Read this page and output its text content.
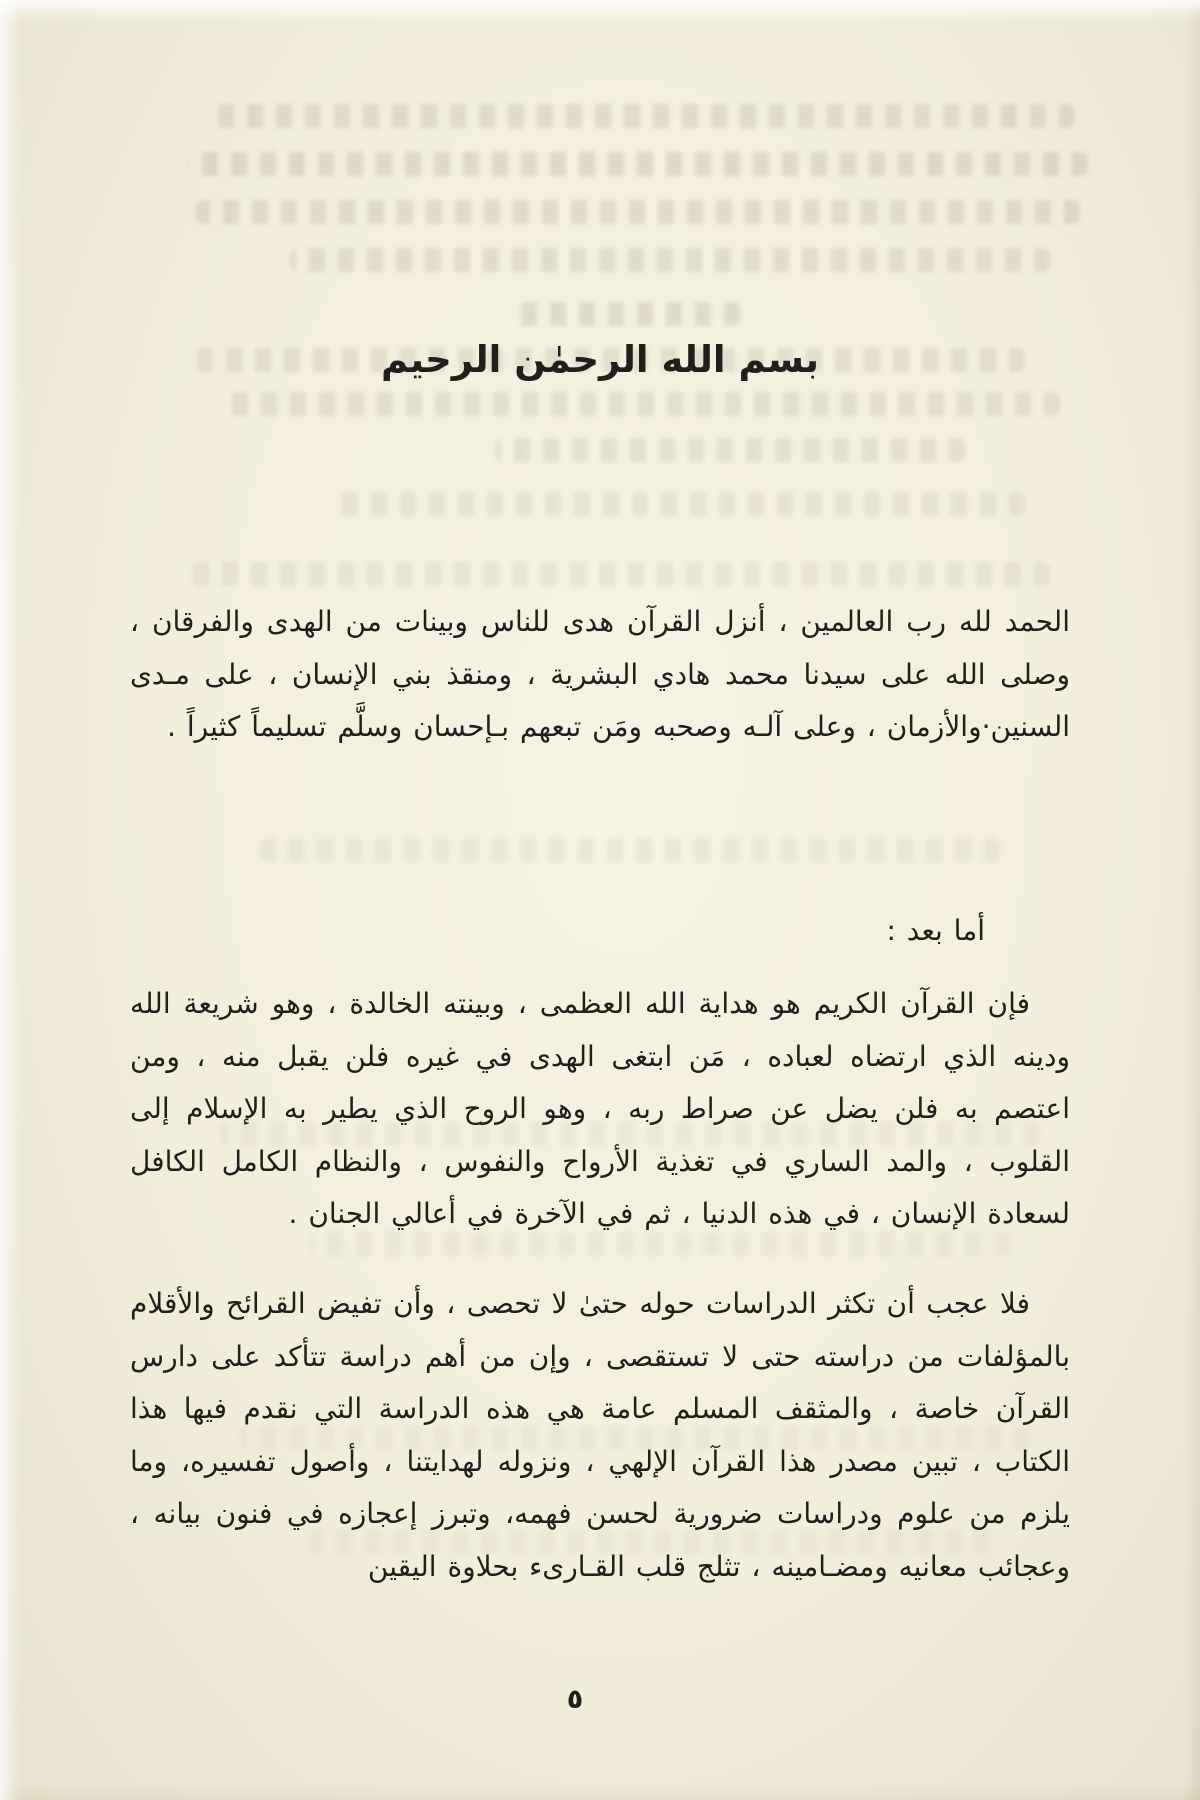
بسم الله الرحمٰن الرحيم

الحمد لله رب العالمين ، أنزل القرآن هدى للناس وبينات من الهدى والفرقان ، وصلى الله على سيدنا محمد هادي البشرية ، ومنقذ بني الإنسان ، على مـدى السنين·والأزمان ، وعلى آلـه وصحبه ومَن تبعهم بـإحسان وسلَّم تسليماً كثيراً .

أما بعد :

فإن القرآن الكريم هو هداية الله العظمى ، وبينته الخالدة ، وهو شريعة الله ودينه الذي ارتضاه لعباده ، مَن ابتغى الهدى في غيره فلن يقبل منه ، ومن اعتصم به فلن يضل عن صراط ربه ، وهو الروح الذي يطير به الإسلام إلى القلوب ، والمد الساري في تغذية الأرواح والنفوس ، والنظام الكامل الكافل لسعادة الإنسان ، في هذه الدنيا ، ثم في الآخرة في أعالي الجنان .

فلا عجب أن تكثر الدراسات حوله حتىٰ لا تحصى ، وأن تفيض القرائح والأقلام بالمؤلفات من دراسته حتى لا تستقصى ، وإن من أهم دراسة تتأكد على دارس القرآن خاصة ، والمثقف المسلم عامة هي هذه الدراسة التي نقدم فيها هذا الكتاب ، تبين مصدر هذا القرآن الإلهي ، ونزوله لهدايتنا ، وأصول تفسيره، وما يلزم من علوم ودراسات ضرورية لحسن فهمه، وتبرز إعجازه في فنون بيانه ، وعجائب معانيه ومضـامينه ، تثلج قلب القـارىء بحلاوة اليقين

٥
